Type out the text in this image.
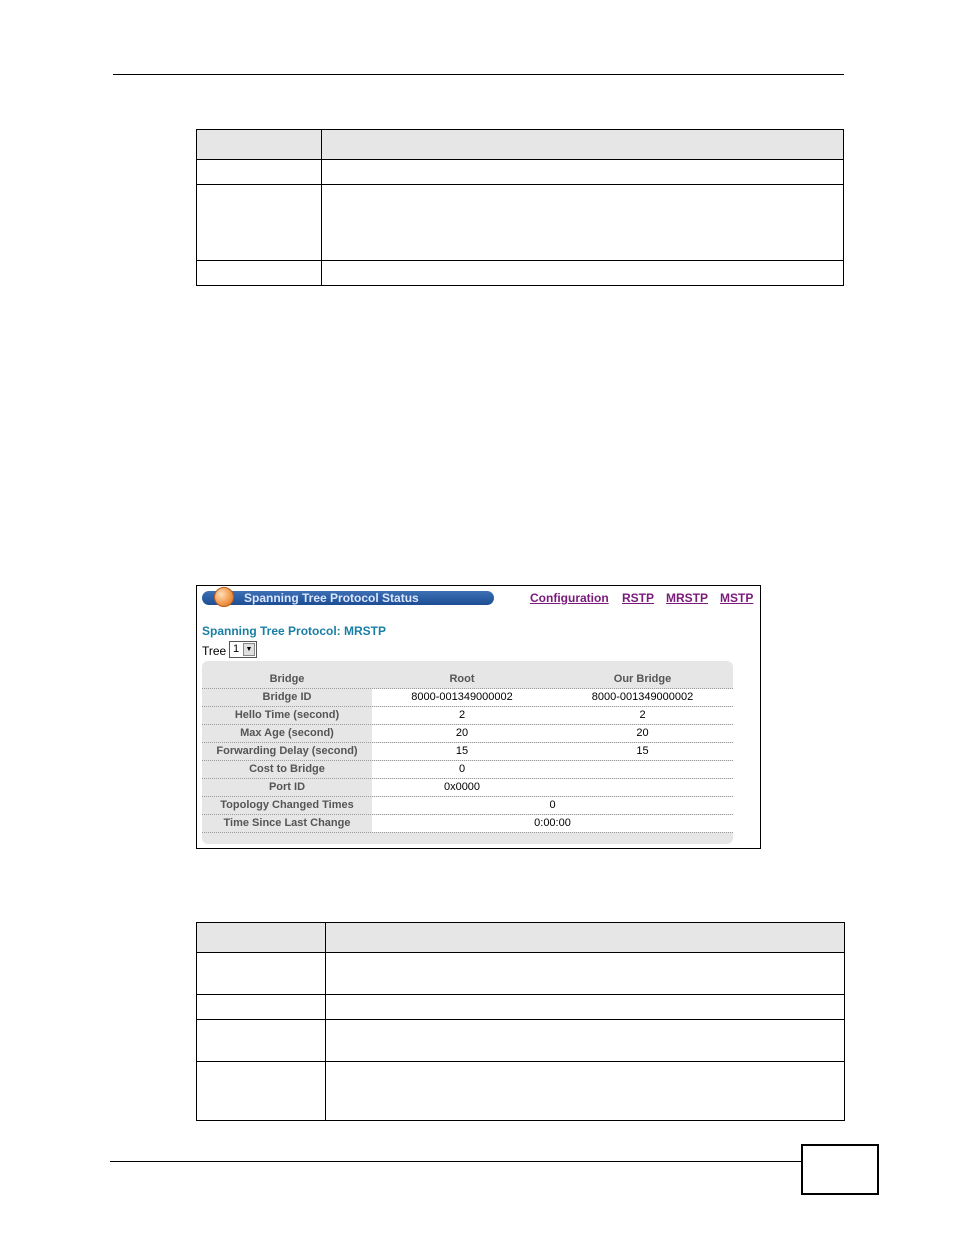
Spanning Tree Protocol Status	Configuration RSTP MRSTP MSTP
Spanning Tree Protocol: MRSTP
Tree 1 ▼
Bridge	Root	Our Bridge
Bridge ID	8000-001349000002	8000-001349000002
Hello Time (second)	2	2
Max Age (second)	20	20
Forwarding Delay (second)	15	15
Cost to Bridge	0
Port ID	0x0000
Topology Changed Times	0
Time Since Last Change	0:00:00
